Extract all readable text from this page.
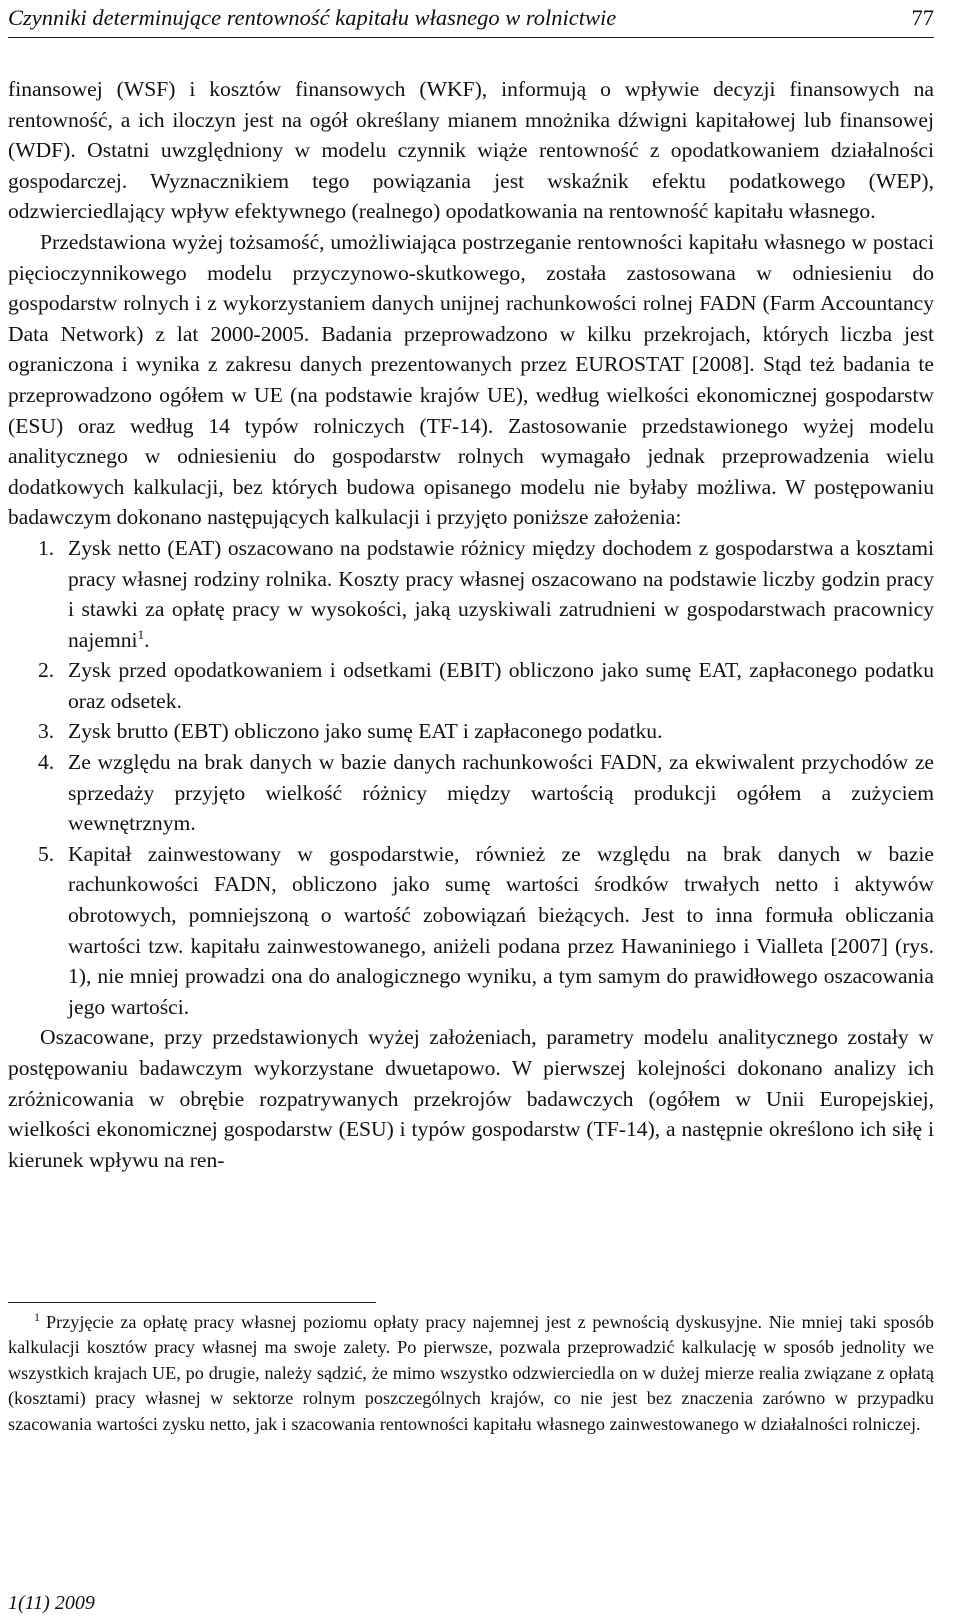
Czynniki determinujące rentowność kapitału własnego w rolnictwie	77

finansowej (WSF) i kosztów finansowych (WKF), informują o wpływie decyzji finansowych na rentowność, a ich iloczyn jest na ogół określany mianem mnożnika dźwigni kapitałowej lub finansowej (WDF). Ostatni uwzględniony w modelu czynnik wiąże rentowność z opodatkowaniem działalności gospodarczej. Wyznacznikiem tego powiązania jest wskaźnik efektu podatkowego (WEP), odzwierciedlający wpływ efektywnego (realnego) opodatkowania na rentowność kapitału własnego.

Przedstawiona wyżej tożsamość, umożliwiająca postrzeganie rentowności kapitału własnego w postaci pięcioczynnikowego modelu przyczynowo-skutkowego, została zastosowana w odniesieniu do gospodarstw rolnych i z wykorzystaniem danych unijnej rachunkowości rolnej FADN (Farm Accountancy Data Network) z lat 2000-2005. Badania przeprowadzono w kilku przekrojach, których liczba jest ograniczona i wynika z zakresu danych prezentowanych przez EUROSTAT [2008]. Stąd też badania te przeprowadzono ogółem w UE (na podstawie krajów UE), według wielkości ekonomicznej gospodarstw (ESU) oraz według 14 typów rolniczych (TF-14). Zastosowanie przedstawionego wyżej modelu analitycznego w odniesieniu do gospodarstw rolnych wymagało jednak przeprowadzenia wielu dodatkowych kalkulacji, bez których budowa opisanego modelu nie byłaby możliwa. W postępowaniu badawczym dokonano następujących kalkulacji i przyjęto poniższe założenia:

1. Zysk netto (EAT) oszacowano na podstawie różnicy między dochodem z gospodarstwa a kosztami pracy własnej rodziny rolnika. Koszty pracy własnej oszacowano na podstawie liczby godzin pracy i stawki za opłatę pracy w wysokości, jaką uzyskiwali zatrudnieni w gospodarstwach pracownicy najemni$^1$.
2. Zysk przed opodatkowaniem i odsetkami (EBIT) obliczono jako sumę EAT, zapłaconego podatku oraz odsetek.
3. Zysk brutto (EBT) obliczono jako sumę EAT i zapłaconego podatku.
4. Ze względu na brak danych w bazie danych rachunkowości FADN, za ekwiwalent przychodów ze sprzedaży przyjęto wielkość różnicy między wartością produkcji ogółem a zużyciem wewnętrznym.
5. Kapitał zainwestowany w gospodarstwie, również ze względu na brak danych w bazie rachunkowości FADN, obliczono jako sumę wartości środków trwałych netto i aktywów obrotowych, pomniejszoną o wartość zobowiązań bieżących. Jest to inna formuła obliczania wartości tzw. kapitału zainwestowanego, aniżeli podana przez Hawaniniego i Vialleta [2007] (rys. 1), nie mniej prowadzi ona do analogicznego wyniku, a tym samym do prawidłowego oszacowania jego wartości.

Oszacowane, przy przedstawionych wyżej założeniach, parametry modelu analitycznego zostały w postępowaniu badawczym wykorzystane dwuetapowo. W pierwszej kolejności dokonano analizy ich zróżnicowania w obrębie rozpatrywanych przekrojów badawczych (ogółem w Unii Europejskiej, wielkości ekonomicznej gospodarstw (ESU) i typów gospodarstw (TF-14), a następnie określono ich siłę i kierunek wpływu na ren-

$^1$ Przyjęcie za opłatę pracy własnej poziomu opłaty pracy najemnej jest z pewnością dyskusyjne. Nie mniej taki sposób kalkulacji kosztów pracy własnej ma swoje zalety. Po pierwsze, pozwala przeprowadzić kalkulację w sposób jednolity we wszystkich krajach UE, po drugie, należy sądzić, że mimo wszystko odzwierciedla on w dużej mierze realia związane z opłatą (kosztami) pracy własnej w sektorze rolnym poszczególnych krajów, co nie jest bez znaczenia zarówno w przypadku szacowania wartości zysku netto, jak i szacowania rentowności kapitału własnego zainwestowanego w działalności rolniczej.
1(11) 2009
